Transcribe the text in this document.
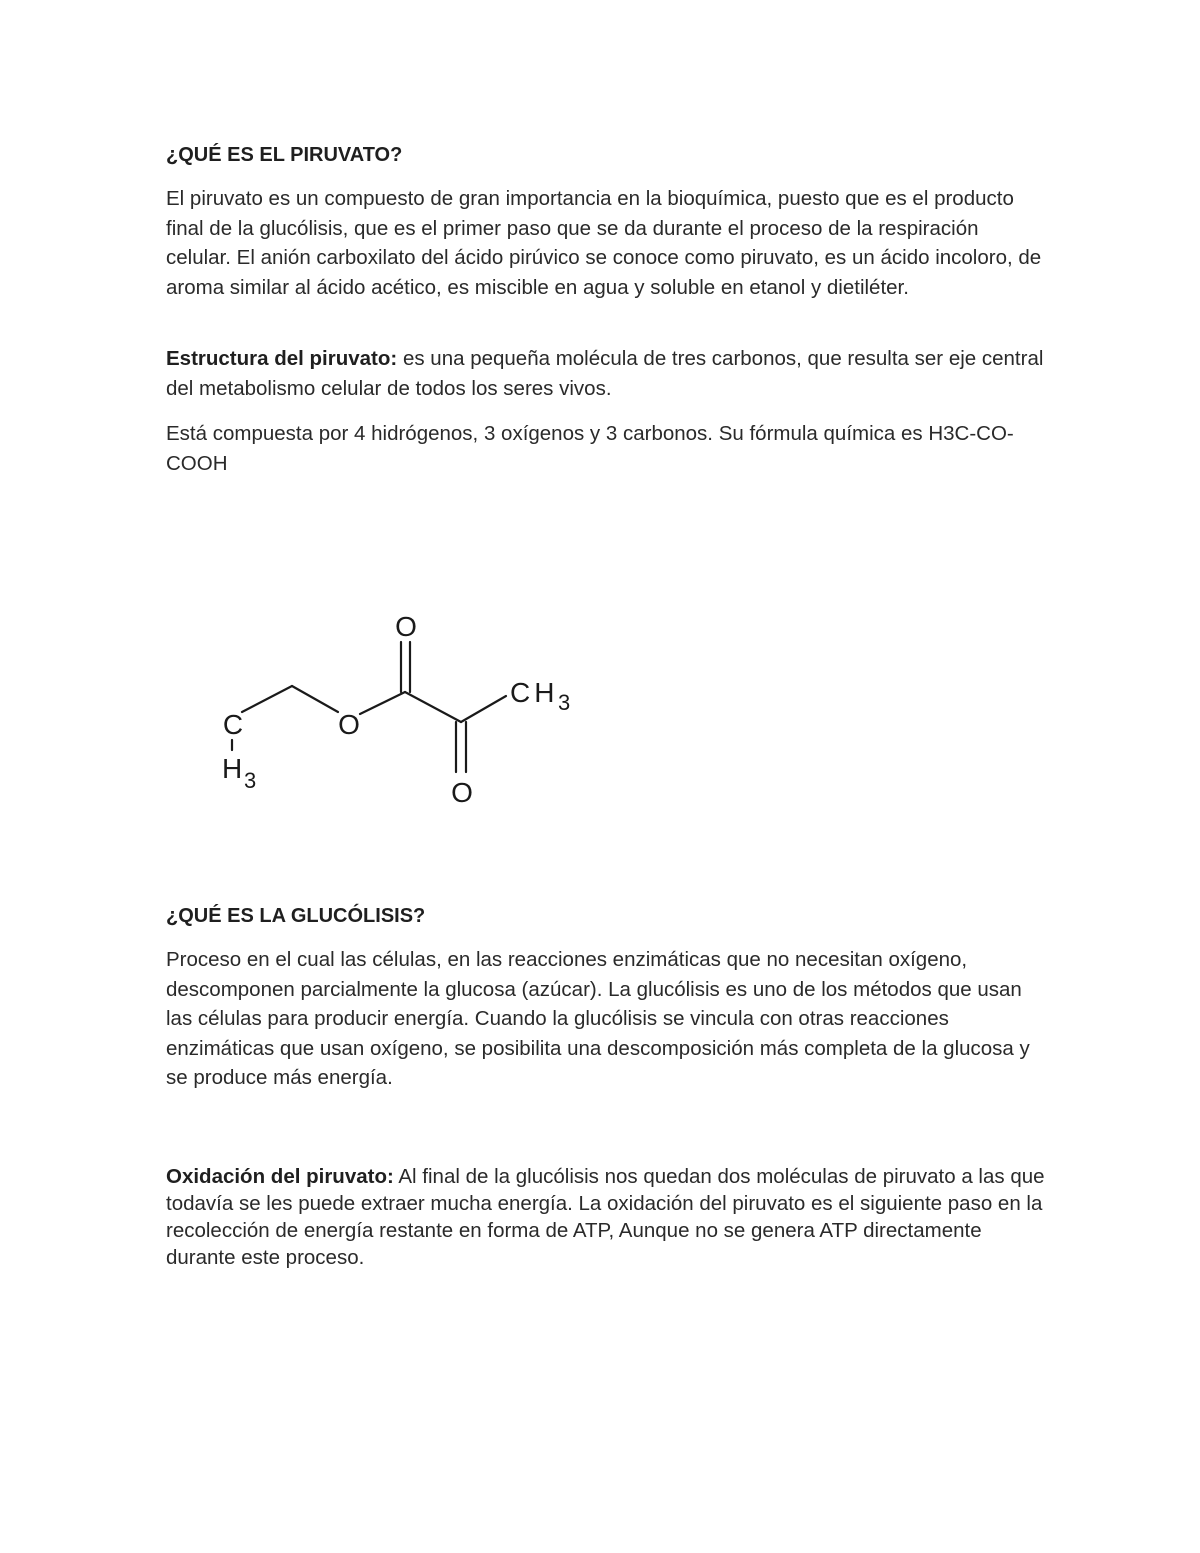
¿QUÉ ES EL PIRUVATO?

El piruvato es un compuesto de gran importancia en la bioquímica, puesto que es el producto final de la glucólisis, que es el primer paso que se da durante el proceso de la respiración celular. El anión carboxilato del ácido pirúvico se conoce como piruvato, es un ácido incoloro, de aroma similar al ácido acético, es miscible en agua y soluble en etanol y dietiléter.

Estructura del piruvato: es una pequeña molécula de tres carbonos, que resulta ser eje central del metabolismo celular de todos los seres vivos.

Está compuesta por 4 hidrógenos, 3 oxígenos y 3 carbonos. Su fórmula química es H3C-CO-COOH

O
O
O
C
H 3
CH 3
¿QUÉ ES LA GLUCÓLISIS?

Proceso en el cual las células, en las reacciones enzimáticas que no necesitan oxígeno, descomponen parcialmente la glucosa (azúcar). La glucólisis es uno de los métodos que usan las células para producir energía. Cuando la glucólisis se vincula con otras reacciones enzimáticas que usan oxígeno, se posibilita una descomposición más completa de la glucosa y se produce más energía.

Oxidación del piruvato: Al final de la glucólisis nos quedan dos moléculas de piruvato a las que todavía se les puede extraer mucha energía. La oxidación del piruvato es el siguiente paso en la recolección de energía restante en forma de ATP, Aunque no se genera ATP directamente durante este proceso.
